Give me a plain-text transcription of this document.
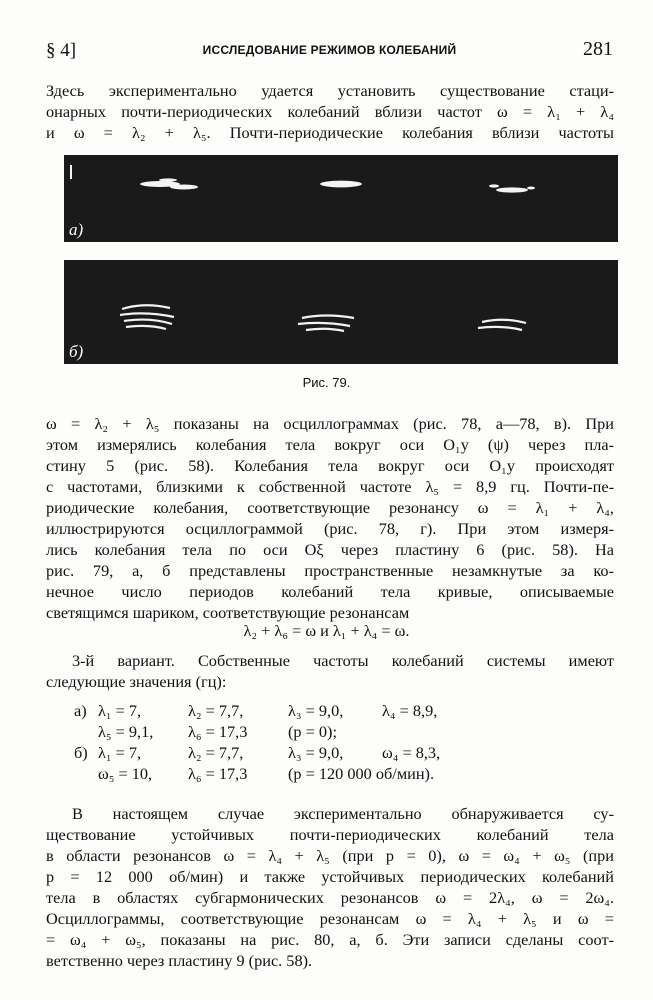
§ 4]	ИССЛЕДОВАНИЕ РЕЖИМОВ КОЛЕБАНИЙ	281
Здесь экспериментально удается установить существование стаци-
онарных почти-периодических колебаний вблизи частот ω = λ₁ + λ₄
и ω = λ₂ + λ₅. Почти-периодические колебания вблизи частоты
а)
б)
Рис. 79.
ω = λ₂ + λ₅ показаны на осциллограммах (рис. 78, а—78, в). При
этом измерялись колебания тела вокруг оси O₁y (ψ) через пла-
стину 5 (рис. 58). Колебания тела вокруг оси O₁y происходят
с частотами, близкими к собственной частоте λ₅ = 8,9 гц. Почти-пе-
риодические колебания, соответствующие резонансу ω = λ₁ + λ₄,
иллюстрируются осциллограммой (рис. 78, г). При этом измеря-
лись колебания тела по оси Oξ через пластину 6 (рис. 58). На
рис. 79, а, б представлены пространственные незамкнутые за ко-
нечное число периодов колебаний тела кривые, описываемые
светящимся шариком, соответствующие резонансам
λ₂ + λ₆ = ω и λ₁ + λ₄ = ω.
3-й вариант. Собственные частоты колебаний системы имеют
следующие значения (гц):
а) λ₁ = 7,	λ₂ = 7,7,	λ₃ = 9,0, λ₄ = 8,9,
λ₅ = 9,1, λ₆ = 17,3 (p = 0);
б) λ₁ = 7,	λ₂ = 7,7,	λ₃ = 9,0, ω₄ = 8,3,
ω₅ = 10, λ₆ = 17,3 (p = 120 000 об/мин).
В настоящем случае экспериментально обнаруживается су-
ществование устойчивых почти-периодических колебаний тела
в области резонансов ω = λ₄ + λ₅ (при p = 0), ω = ω₄ + ω₅ (при
p = 12 000 об/мин) и также устойчивых периодических колебаний
тела в областях субгармонических резонансов ω = 2λ₄, ω = 2ω₄.
Осциллограммы, соответствующие резонансам ω = λ₄ + λ₅ и ω =
= ω₄ + ω₅, показаны на рис. 80, а, б. Эти записи сделаны соот-
ветственно через пластину 9 (рис. 58).
